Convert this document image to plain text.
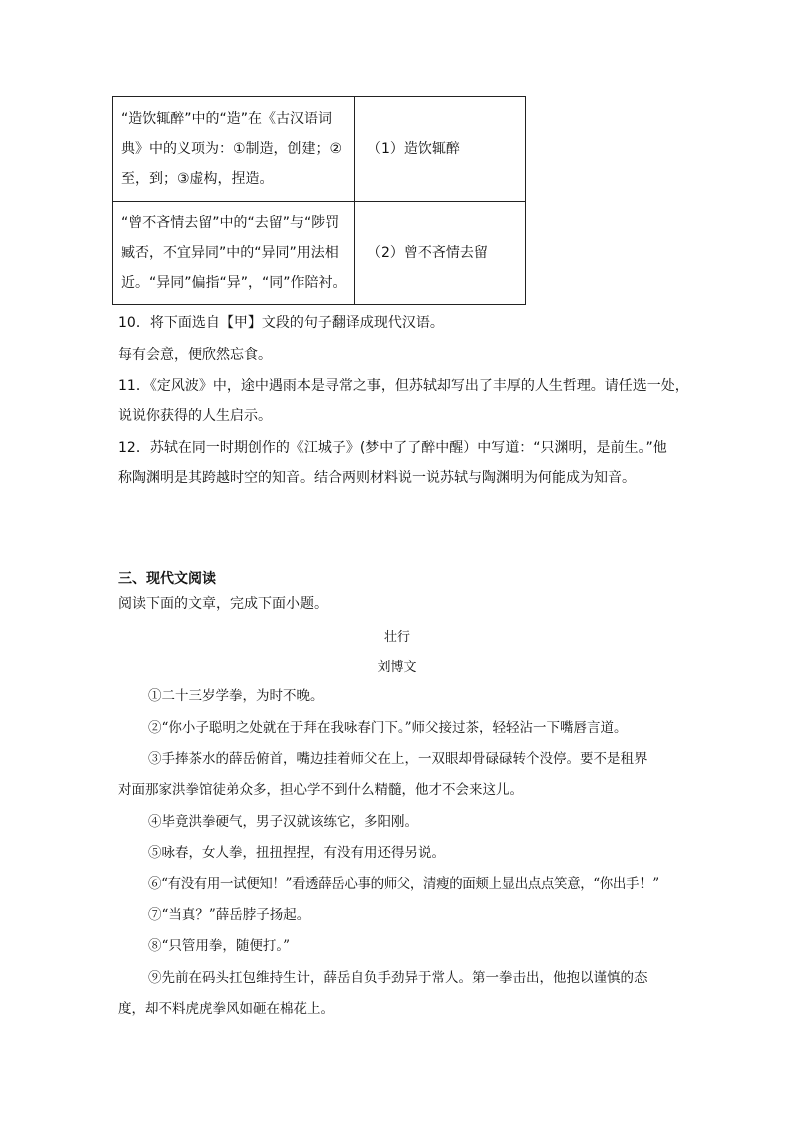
“造饮辄醉”中的“造”在《古汉语词典》中的义项为：①制造，创建；②至，到；③虚构，捏造。	（1）造饮辄醉
“曾不吝情去留”中的“去留”与“陟罚臧否，不宜异同”中的“异同”用法相近。“异同”偏指“异”，“同”作陪衬。	（2）曾不吝情去留
10．将下面选自【甲】文段的句子翻译成现代汉语。
每有会意，便欣然忘食。
11．《定风波》中，途中遇雨本是寻常之事，但苏轼却写出了丰厚的人生哲理。请任选一处，
说说你获得的人生启示。
12．苏轼在同一时期创作的《江城子》(梦中了了醉中醒）中写道：“只渊明，是前生。”他
称陶渊明是其跨越时空的知音。结合两则材料说一说苏轼与陶渊明为何能成为知音。
三、现代文阅读
阅读下面的文章，完成下面小题。
壮行
刘博文
①二十三岁学拳，为时不晚。
②“你小子聪明之处就在于拜在我咏春门下。”师父接过茶，轻轻沾一下嘴唇言道。
③手捧茶水的薛岳俯首，嘴边挂着师父在上，一双眼却骨碌碌转个没停。要不是租界
对面那家洪拳馆徒弟众多，担心学不到什么精髓，他才不会来这儿。
④毕竟洪拳硬气，男子汉就该练它，多阳刚。
⑤咏春，女人拳，扭扭捏捏，有没有用还得另说。
⑥“有没有用一试便知！”看透薛岳心事的师父，清瘦的面颊上显出点点笑意，“你出手！”
⑦“当真？”薛岳脖子扬起。
⑧“只管用拳，随便打。”
⑨先前在码头扛包维持生计，薛岳自负手劲异于常人。第一拳击出，他抱以谨慎的态
度，却不料虎虎拳风如砸在棉花上。
